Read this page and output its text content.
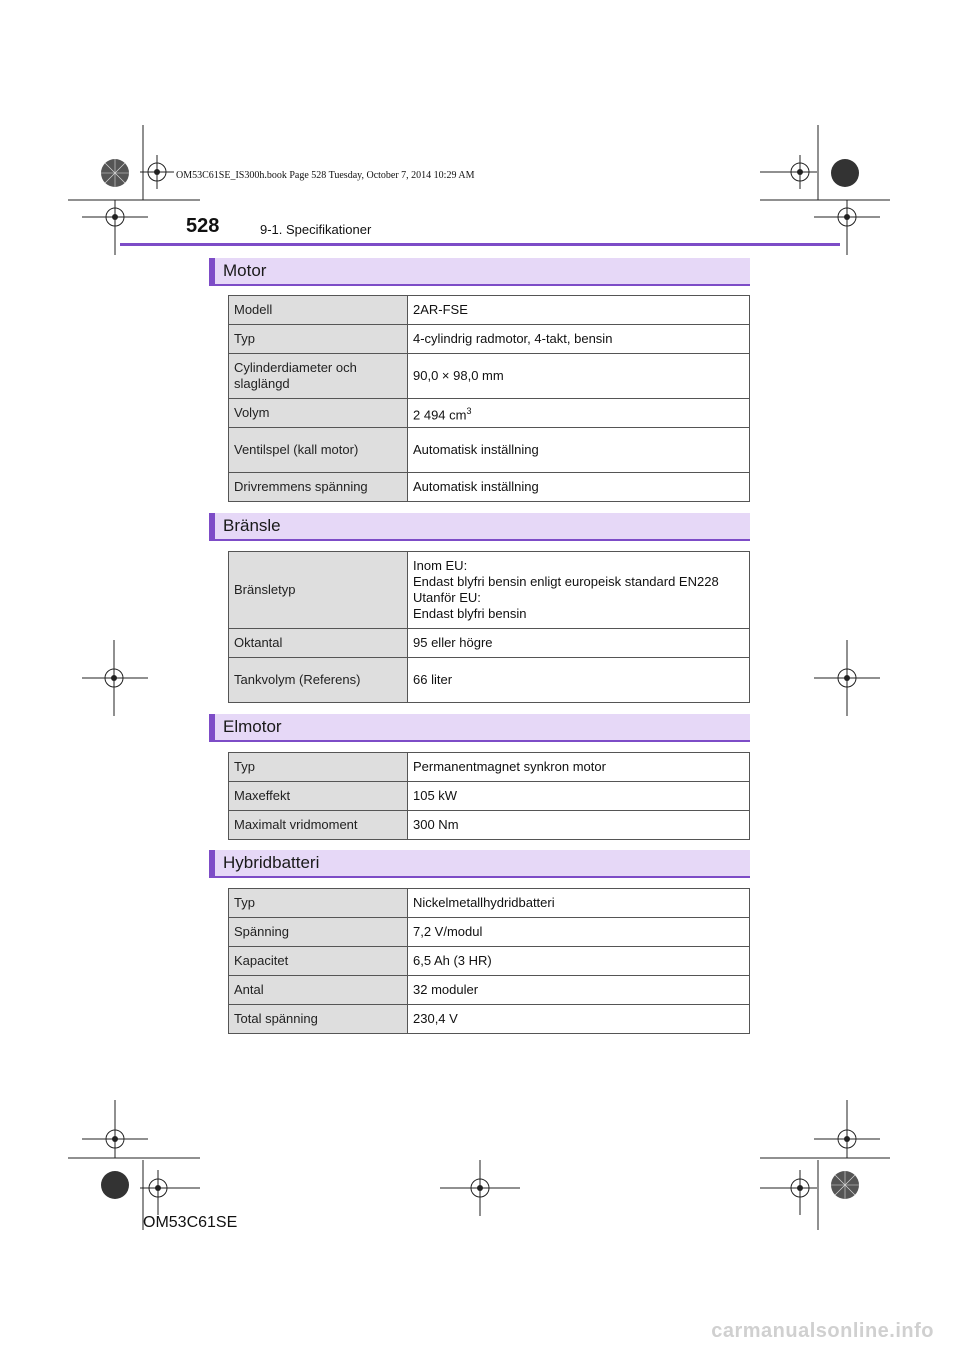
OM53C61SE_IS300h.book Page 528 Tuesday, October 7, 2014 10:29 AM
528	9-1. Specifikationer
Motor
Modell	2AR-FSE

Typ	4-cylindrig radmotor, 4-takt, bensin

Cylinderdiameter och slaglängd	90,0 × 98,0 mm

Volym	2 494 $cm^3$
Ventilspel (kall motor)	Automatisk inställning

Drivremmens spänning	Automatisk inställning
Bränsle
Bränsletyp	Inom EU:
Endast blyfri bensin enligt europeisk standard EN228
Utanför EU:
Endast blyfri bensin

Oktantal	95 eller högre

Tankvolym (Referens)	66 liter
Elmotor
Typ	Permanentmagnet synkron motor

Maxeffekt	105 kW

Maximalt vridmoment	300 Nm
Hybridbatteri
Typ	Nickelmetallhydridbatteri

Spänning	7,2 V/modul

Kapacitet	6,5 Ah (3 HR)

Antal	32 moduler

Total spänning	230,4 V
OM53C61SE
carmanualsonline.info
